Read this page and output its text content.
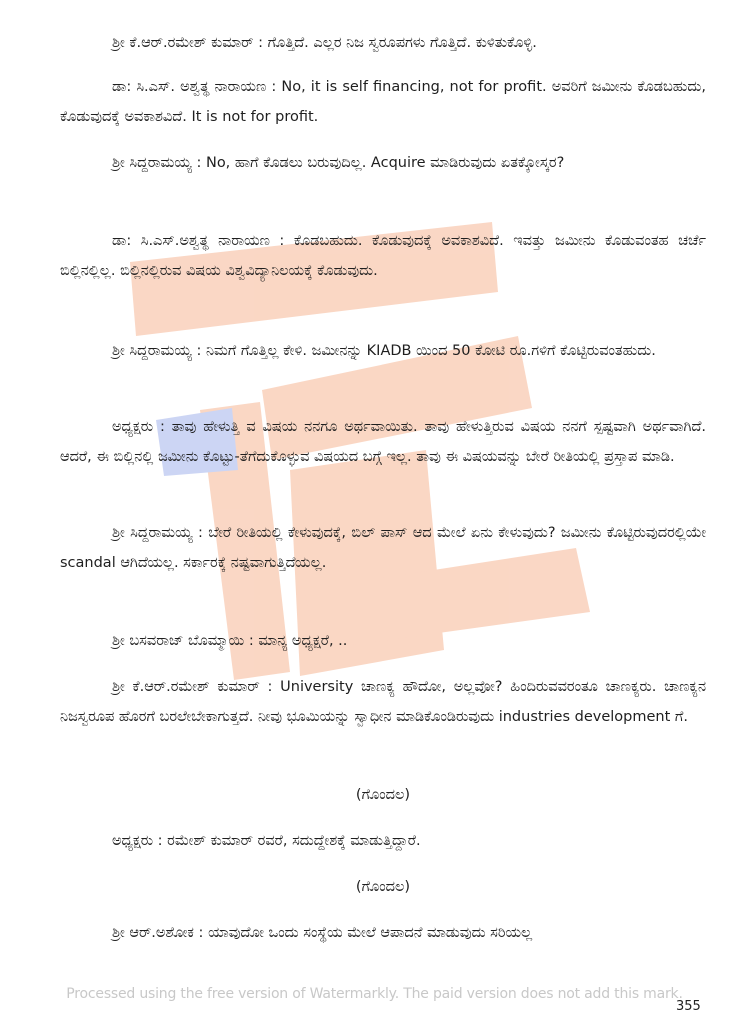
ಶ್ರೀ ಕೆ.ಆರ್.ರಮೇಶ್ ಕುಮಾರ್ : ಗೊತ್ತಿದೆ. ಎಲ್ಲರ ನಿಜ ಸ್ವರೂಪಗಳು ಗೊತ್ತಿದೆ. ಕುಳಿತುಕೊಳ್ಳಿ.

ಡಾ: ಸಿ.ಎಸ್. ಅಶ್ವತ್ಥ ನಾರಾಯಣ : No, it is self financing, not for profit. ಅವರಿಗೆ ಜಮೀನು ಕೊಡಬಹುದು, ಕೊಡುವುದಕ್ಕೆ ಅವಕಾಶವಿದೆ. It is not for profit.

ಶ್ರೀ ಸಿದ್ದರಾಮಯ್ಯ : No, ಹಾಗೆ ಕೊಡಲು ಬರುವುದಿಲ್ಲ. Acquire ಮಾಡಿರುವುದು ಏತಕ್ಕೋಸ್ಕರ?

ಡಾ: ಸಿ.ಎಸ್.ಅಶ್ವತ್ಥ ನಾರಾಯಣ : ಕೊಡಬಹುದು. ಕೊಡುವುದಕ್ಕೆ ಅವಕಾಶವಿದೆ. ಇವತ್ತು ಜಮೀನು ಕೊಡುವಂತಹ ಚರ್ಚೆ ಬಿಲ್ಲಿನಲ್ಲಿಲ್ಲ. ಬಿಲ್ಲಿನಲ್ಲಿರುವ ವಿಷಯ ವಿಶ್ವವಿದ್ಯಾನಿಲಯಕ್ಕೆ ಕೊಡುವುದು.

ಶ್ರೀ ಸಿದ್ದರಾಮಯ್ಯ : ನಿಮಗೆ ಗೊತ್ತಿಲ್ಲ ಕೇಳಿ. ಜಮೀನನ್ನು KIADB ಯಿಂದ 50 ಕೋಟಿ ರೂ.ಗಳಿಗೆ ಕೊಟ್ಟಿರುವಂತಹುದು.

ಅಧ್ಯಕ್ಷರು : ತಾವು ಹೇಳುತ್ತಿ ವ ವಿಷಯ ನನಗೂ ಅರ್ಥವಾಯಿತು. ತಾವು ಹೇಳುತ್ತಿರುವ ವಿಷಯ ನನಗೆ ಸ್ಪಷ್ಟವಾಗಿ ಅರ್ಥವಾಗಿದೆ. ಆದರೆ, ಈ ಬಿಲ್ಲಿನಲ್ಲಿ ಜಮೀನು ಕೊಟ್ಟು-ತೆಗೆದುಕೊಳ್ಳುವ ವಿಷಯದ ಬಗ್ಗೆ ಇಲ್ಲ. ತಾವು ಈ ವಿಷಯವನ್ನು ಬೇರೆ ರೀತಿಯಲ್ಲಿ ಪ್ರಸ್ತಾಪ ಮಾಡಿ.

ಶ್ರೀ ಸಿದ್ದರಾಮಯ್ಯ : ಬೇರೆ ರೀತಿಯಲ್ಲಿ ಕೇಳುವುದಕ್ಕೆ, ಬಿಲ್ ಪಾಸ್ ಆದ ಮೇಲೆ ಏನು ಕೇಳುವುದು? ಜಮೀನು ಕೊಟ್ಟಿರುವುದರಲ್ಲಿಯೇ scandal ಆಗಿದೆಯಲ್ಲ. ಸರ್ಕಾರಕ್ಕೆ ನಷ್ಟವಾಗುತ್ತಿದೆಯಲ್ಲ.

ಶ್ರೀ ಬಸವರಾಜ್ ಬೊಮ್ಮಾಯಿ : ಮಾನ್ಯ ಅಧ್ಯಕ್ಷರೆ, ..

ಶ್ರೀ ಕೆ.ಆರ್.ರಮೇಶ್ ಕುಮಾರ್ : University ಚಾಣಕ್ಯ ಹೌದೋ, ಅಲ್ಲವೋ? ಹಿಂದಿರುವವರಂತೂ ಚಾಣಕ್ಯರು. ಚಾಣಕ್ಯನ ನಿಜಸ್ವರೂಪ ಹೊರಗೆ ಬರಲೇಬೇಕಾಗುತ್ತದೆ. ನೀವು ಭೂಮಿಯನ್ನು ಸ್ವಾಧೀನ ಮಾಡಿಕೊಂಡಿರುವುದು industries development ಗೆ.

(ಗೊಂದಲ)

ಅಧ್ಯಕ್ಷರು : ರಮೇಶ್ ಕುಮಾರ್ ರವರೆ, ಸದುದ್ದೇಶಕ್ಕೆ ಮಾಡುತ್ತಿದ್ದಾರೆ.

(ಗೊಂದಲ)

ಶ್ರೀ ಆರ್.ಅಶೋಕ : ಯಾವುದೋ ಒಂದು ಸಂಸ್ಥೆಯ ಮೇಲೆ ಆಪಾದನೆ ಮಾಡುವುದು ಸರಿಯಲ್ಲ

Processed using the free version of Watermarkly. The paid version does not add this mark.
355
